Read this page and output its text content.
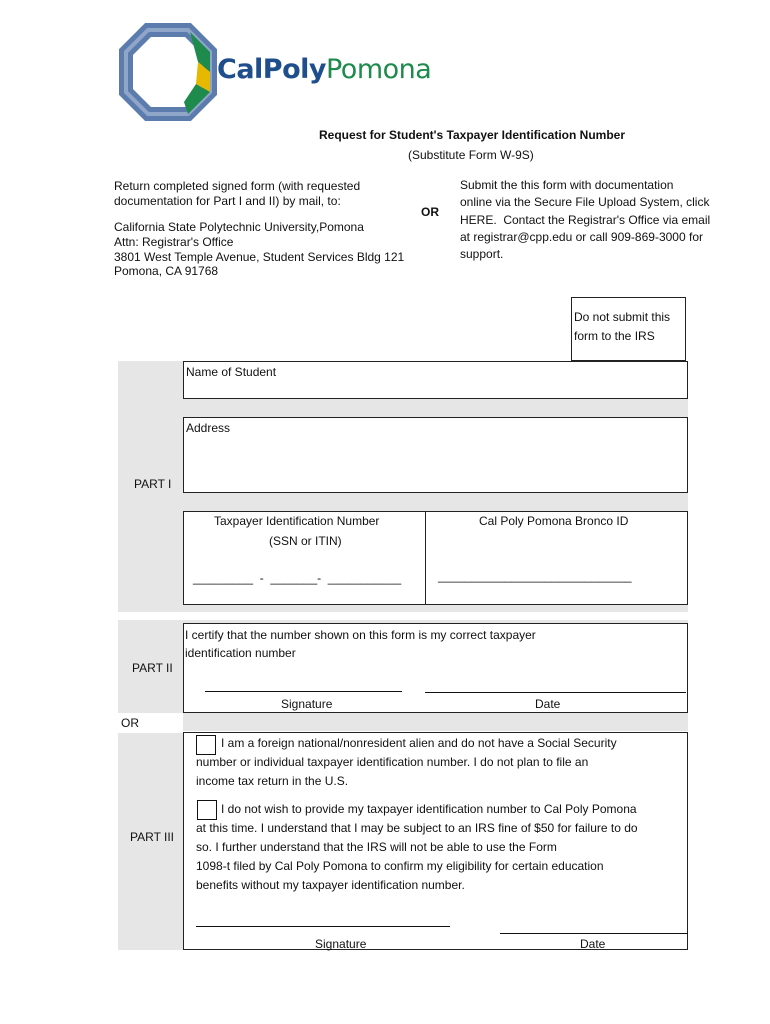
CalPolyPomona
Request for Student's Taxpayer Identification Number
(Substitute Form W-9S)
Return completed signed form (with requested
documentation for Part I and II) by mail, to:
California State Polytechnic University,Pomona
Attn: Registrar's Office
3801 West Temple Avenue, Student Services Bldg 121
Pomona, CA 91768
OR
Submit the this form with documentation
online via the Secure File Upload System, click
HERE.  Contact the Registrar's Office via email
at registrar@cpp.edu or call 909-869-3000 for
support.
Do not submit this
form to the IRS
PART I
Name of Student
Address
Taxpayer Identification Number
(SSN or ITIN)
_________  -  _______-  ___________
Cal Poly Pomona Bronco ID
_____________________________
PART II
I certify that the number shown on this form is my correct taxpayer
identification number
Signature	Date
OR
PART III
I am a foreign national/nonresident alien and do not have a Social Security
number or individual taxpayer identification number. I do not plan to file an
income tax return in the U.S.
I do not wish to provide my taxpayer identification number to Cal Poly Pomona
at this time. I understand that I may be subject to an IRS fine of $50 for failure to do
so. I further understand that the IRS will not be able to use the Form
1098-t filed by Cal Poly Pomona to confirm my eligibility for certain education
benefits without my taxpayer identification number.
Signature	Date
